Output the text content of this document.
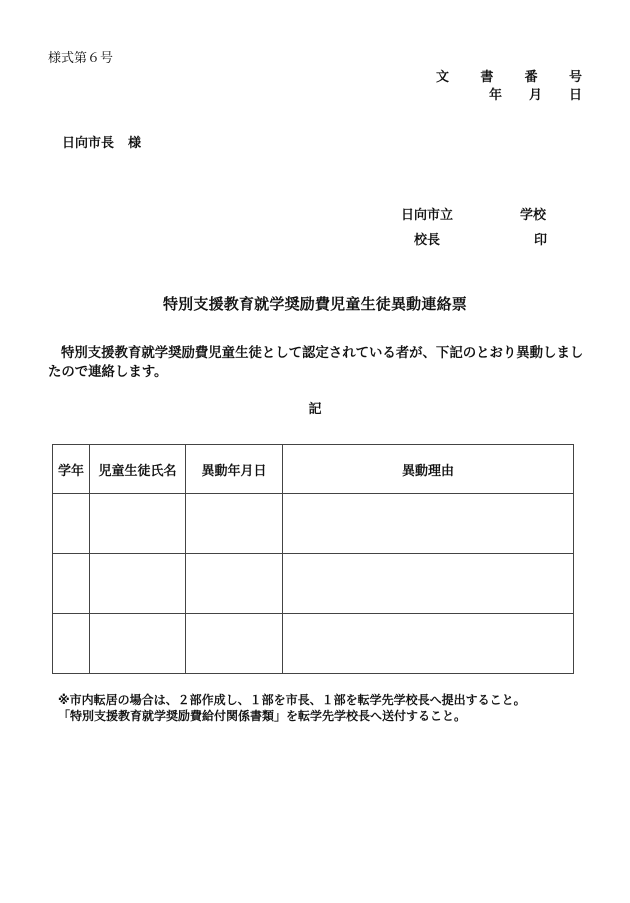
様式第６号
文 書 番 号
年 月 日
日向市長 様
日向市立	学校
校長	印
特別支援教育就学奨励費児童生徒異動連絡票
特別支援教育就学奨励費児童生徒として認定されている者が、下記のとおり異動しましたので連絡します。
記
学年	児童生徒氏名	異動年月日	異動理由

※市内転居の場合は、２部作成し、１部を市長、１部を転学先学校長へ提出すること。
「特別支援教育就学奨励費給付関係書類」を転学先学校長へ送付すること。
